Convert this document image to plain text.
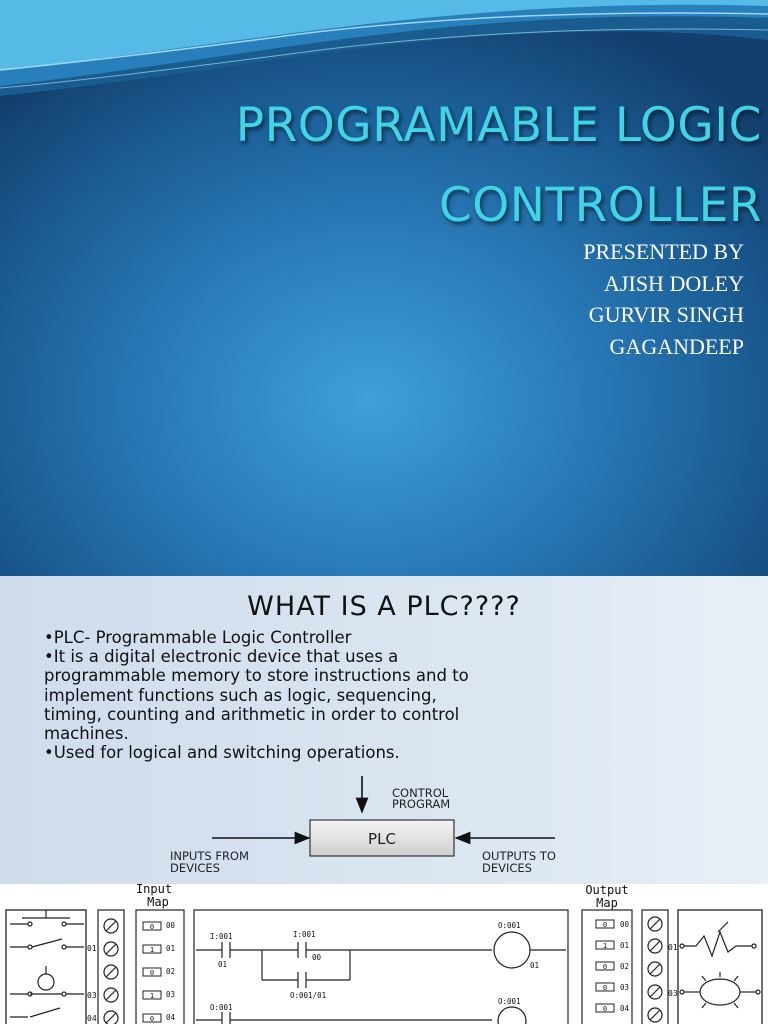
PROGRAMABLE LOGIC
CONTROLLER
PRESENTED BY
AJISH DOLEY
GURVIR SINGH
GAGANDEEP
WHAT IS A PLC????
•PLC- Programmable Logic Controller
•It is a digital electronic device that uses a
programmable memory to store instructions and to
implement functions such as logic, sequencing,
timing, counting and arithmetic in order to control
machines.
•Used for logical and switching operations.
CONTROL
PROGRAM
PLC
INPUTS FROM
DEVICES
OUTPUTS TO
DEVICES
Input
Map
Output
Map
01
03
04
0
1
0
1
0
00
01
02
03
04
I:001
01
I:001
00
O:001/01
O:001
01
O:001
O:001
0
1
0
0
0
00
01
02
03
04
01
03
